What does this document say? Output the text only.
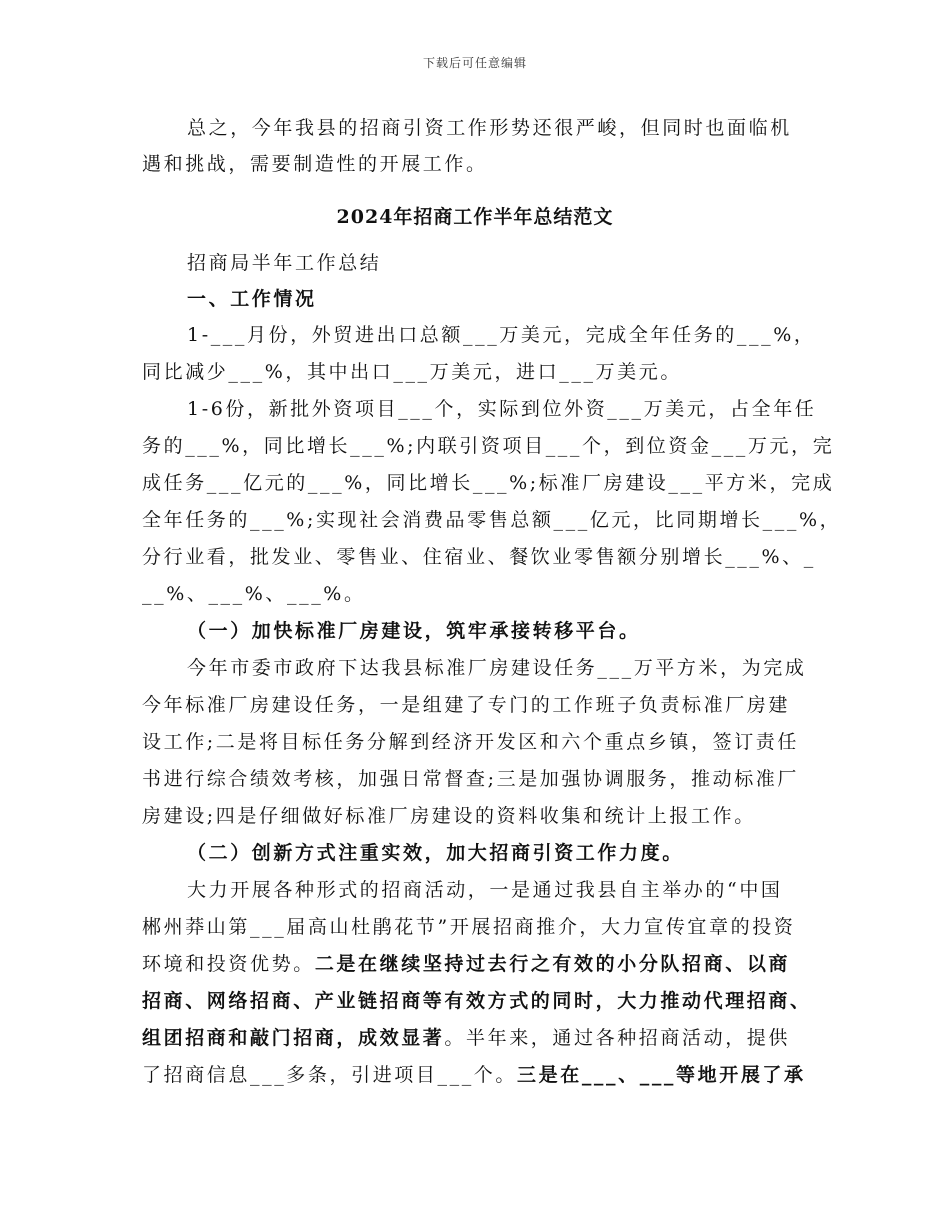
下载后可任意编辑
总之，今年我县的招商引资工作形势还很严峻，但同时也面临机
遇和挑战，需要制造性的开展工作。
2024年招商工作半年总结范文
招商局半年工作总结
一、工作情况
1-___月份，外贸进出口总额___万美元，完成全年任务的___%，
同比减少___%，其中出口___万美元，进口___万美元。
1-6份，新批外资项目___个，实际到位外资___万美元，占全年任
务的___%，同比增长___%;内联引资项目___个，到位资金___万元，完
成任务___亿元的___%，同比增长___%;标准厂房建设___平方米，完成
全年任务的___%;实现社会消费品零售总额___亿元，比同期增长___%，
分行业看，批发业、零售业、住宿业、餐饮业零售额分别增长___%、_
__%、___%、___%。
（一）加快标准厂房建设，筑牢承接转移平台。
今年市委市政府下达我县标准厂房建设任务___万平方米，为完成
今年标准厂房建设任务，一是组建了专门的工作班子负责标准厂房建
设工作;二是将目标任务分解到经济开发区和六个重点乡镇，签订责任
书进行综合绩效考核，加强日常督查;三是加强协调服务，推动标准厂
房建设;四是仔细做好标准厂房建设的资料收集和统计上报工作。
（二）创新方式注重实效，加大招商引资工作力度。
大力开展各种形式的招商活动，一是通过我县自主举办的“中国
郴州莽山第___届高山杜鹃花节”开展招商推介，大力宣传宜章的投资
环境和投资优势。二是在继续坚持过去行之有效的小分队招商、以商
招商、网络招商、产业链招商等有效方式的同时，大力推动代理招商、
组团招商和敲门招商，成效显著。半年来，通过各种招商活动，提供
了招商信息___多条，引进项目___个。三是在___、___等地开展了承
